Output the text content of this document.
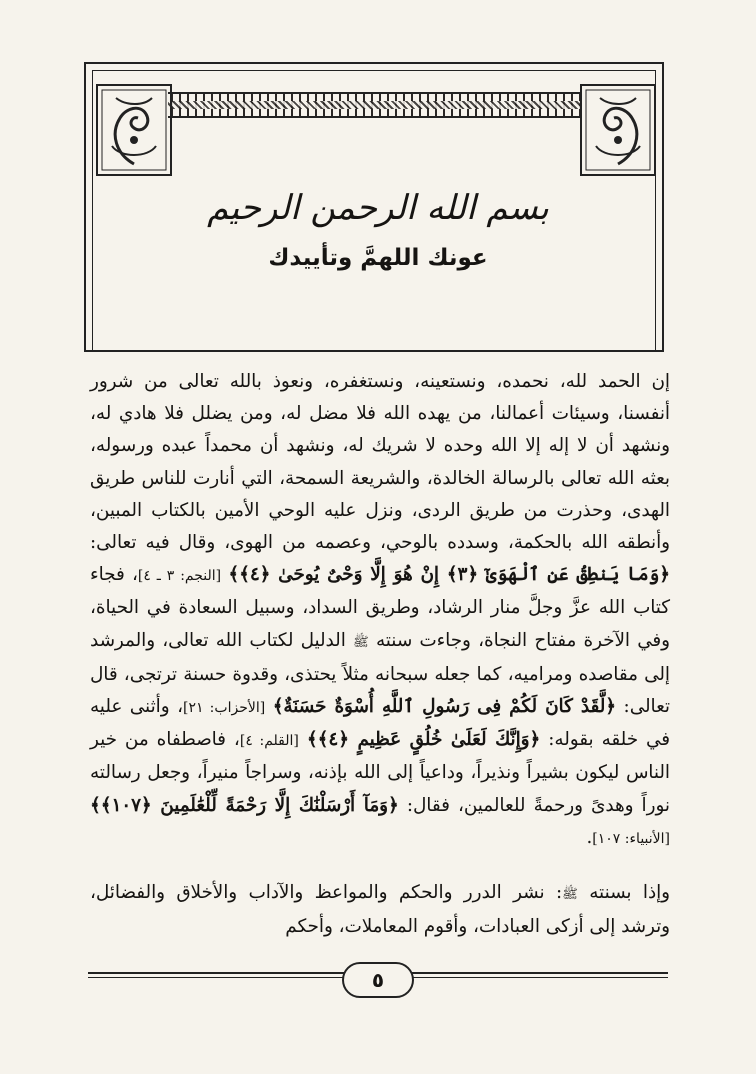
بسم الله الرحمن الرحيم
عونك اللهمَّ وتأييدك

إن الحمد لله، نحمده، ونستعينه، ونستغفره، ونعوذ بالله تعالى من شرور أنفسنا، وسيئات أعمالنا، من يهده الله فلا مضل له، ومن يضلل فلا هادي له، ونشهد أن لا إله إلا الله وحده لا شريك له، ونشهد أن محمداً عبده ورسوله، بعثه الله تعالى بالرسالة الخالدة، والشريعة السمحة، التي أنارت للناس طريق الهدى، وحذرت من طريق الردى، ونزل عليه الوحي الأمين بالكتاب المبين، وأنطقه الله بالحكمة، وسدده بالوحي، وعصمه من الهوى، وقال فيه تعالى: ﴿وَمَا يَنطِقُ عَنِ ٱلْهَوَىٰٓ ﴿٣﴾ إِنْ هُوَ إِلَّا وَحْىٌ يُوحَىٰ ﴿٤﴾﴾ [النجم: ٣ ـ ٤]، فجاء كتاب الله عزَّ وجلَّ منار الرشاد، وطريق السداد، وسبيل السعادة في الحياة، وفي الآخرة مفتاح النجاة، وجاءت سنته ﷺ الدليل لكتاب الله تعالى، والمرشد إلى مقاصده ومراميه، كما جعله سبحانه مثلاً يحتذى، وقدوة حسنة ترتجى، قال تعالى: ﴿لَّقَدْ كَانَ لَكُمْ فِى رَسُولِ ٱللَّهِ أُسْوَةٌ حَسَنَةٌ﴾ [الأحزاب: ٢١]، وأثنى عليه في خلقه بقوله: ﴿وَإِنَّكَ لَعَلَىٰ خُلُقٍ عَظِيمٍ ﴿٤﴾﴾ [القلم: ٤]، فاصطفاه من خير الناس ليكون بشيراً ونذيراً، وداعياً إلى الله بإذنه، وسراجاً منيراً، وجعل رسالته نوراً وهدىً ورحمةً للعالمين، فقال: ﴿وَمَآ أَرْسَلْنَٰكَ إِلَّا رَحْمَةً لِّلْعَٰلَمِينَ ﴿١٠٧﴾﴾ [الأنبياء: ١٠٧].

وإذا بسنته ﷺ: نشر الدرر والحكم والمواعظ والآداب والأخلاق والفضائل، وترشد إلى أزكى العبادات، وأقوم المعاملات، وأحكم

٥
